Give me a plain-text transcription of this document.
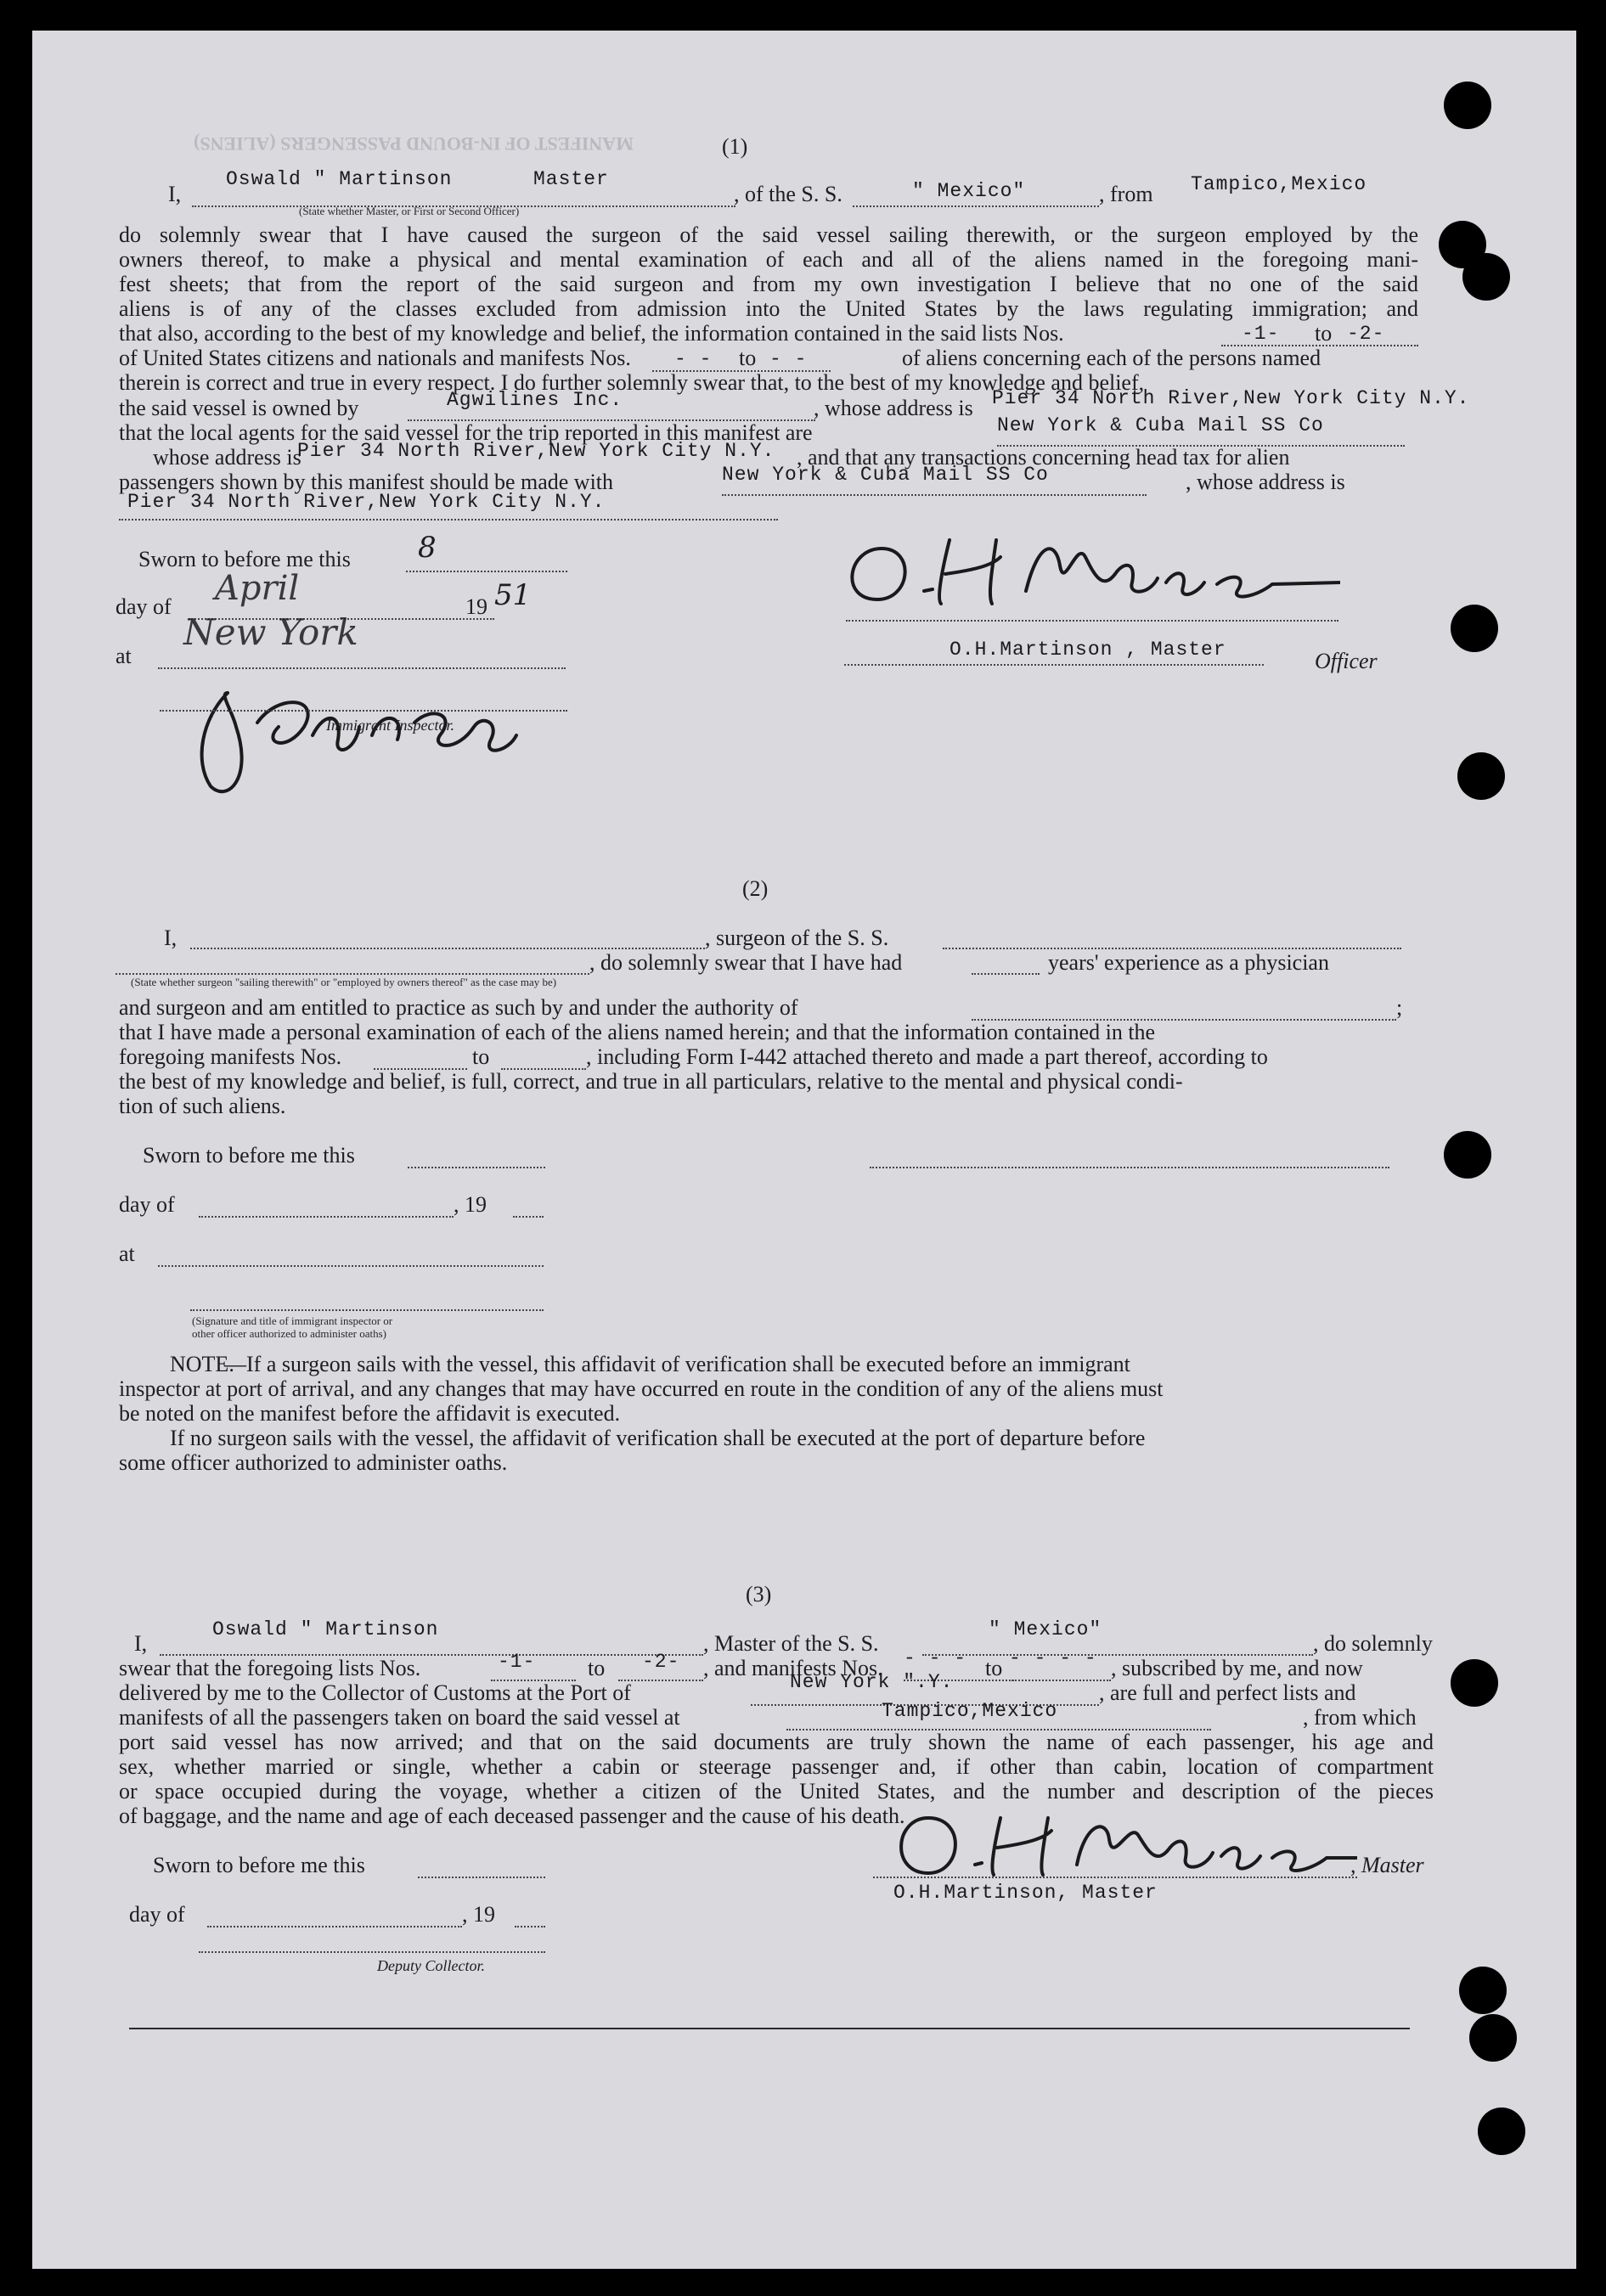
MANIFEST OF IN-BOUND PASSENGERS (ALIENS)	(1)
I,
Oswald " Martinson	Master
(State whether Master, or First or Second Officer)
, of the S. S.	" Mexico"	, from Tampico,Mexico
do solemnly swear that I have caused the surgeon of the said vessel sailing therewith, or the surgeon employed by the
owners thereof, to make a physical and mental examination of each and all of the aliens named in the foregoing mani-
fest sheets; that from the report of the said surgeon and from my own investigation I believe that no one of the said
aliens is of any of the classes excluded from admission into the United States by the laws regulating immigration; and
that also, according to the best of my knowledge and belief, the information contained in the said lists Nos.	-1- to -2-
of United States citizens and nationals and manifests Nos. - - to - -	of aliens concerning each of the persons named
therein is correct and true in every respect. I do further solemnly swear that, to the best of my knowledge and belief,
the said vessel is owned by	Agwilines Inc.	, whose address is Pier 34 North River,New York City N.Y.
that the local agents for the said vessel for the trip reported in this manifest are	New York & Cuba Mail SS Co
whose address is
Pier 34 North River,New York City N.Y. , and that any transactions concerning head tax for alien
passengers shown by this manifest should be made with	New York & Cuba Mail SS Co	, whose address is
Pier 34 North River,New York City N.Y.
Sworn to before me this 8
day of April	19 51
at
New York
Immigrant Inspector.
O.H.Martinson , Master	Officer
(2)
I,	, surgeon of the S. S.
, do solemnly swear that I have had	years' experience as a physician
(State whether surgeon "sailing therewith" or "employed by owners thereof" as the case may be)
and surgeon and am entitled to practice as such by and under the authority of	;
that I have made a personal examination of each of the aliens named herein; and that the information contained in the
foregoing manifests Nos.	to	, including Form I-442 attached thereto and made a part thereof, according to
the best of my knowledge and belief, is full, correct, and true in all particulars, relative to the mental and physical condi-
tion of such aliens.
Sworn to before me this
day of	, 19
at
(Signature and title of immigrant inspector or
other officer authorized to administer oaths)
NOTE.
—If a surgeon sails with the vessel, this affidavit of verification shall be executed before an immigrant
inspector at port of arrival, and any changes that may have occurred en route in the condition of any of the aliens must
be noted on the manifest before the affidavit is executed.
If no surgeon sails with the vessel, the affidavit of verification shall be executed at the port of departure before
some officer authorized to administer oaths.
(3)
I,
Oswald " Martinson
, Master of the S. S.
" Mexico"
, do solemnly
swear that the foregoing lists Nos.	-1- to -2- , and manifests Nos. - - - to - - - - , subscribed by me, and now
delivered by me to the Collector of Customs at the Port of	New York ".Y.	, are full and perfect lists and
manifests of all the passengers taken on board the said vessel at	Tampico,Mexico	, from which
port said vessel has now arrived; and that on the said documents are truly shown the name of each passenger, his age and
sex, whether married or single, whether a cabin or steerage passenger and, if other than cabin, location of compartment
or space occupied during the voyage, whether a citizen of the United States, and the number and description of the pieces
of baggage, and the name and age of each deceased passenger and the cause of his death.
Sworn to before me this	, Master
O.H.Martinson, Master
day of	, 19
Deputy Collector.
